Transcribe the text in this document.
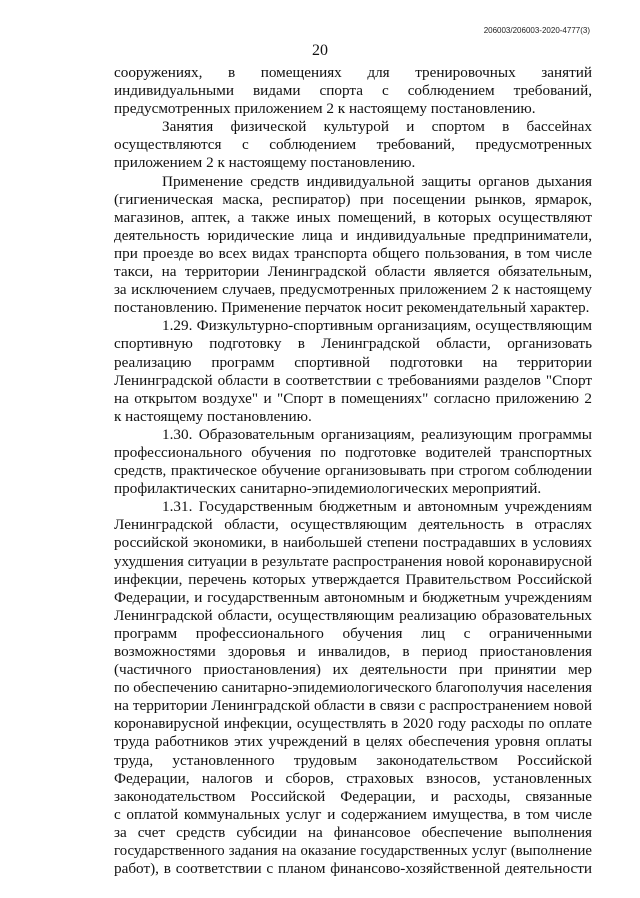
206003/206003-2020-4777(3)
20
сооружениях, в помещениях для тренировочных занятий
индивидуальными видами спорта с соблюдением требований,
предусмотренных приложением 2 к настоящему постановлению.
Занятия физической культурой и спортом в бассейнах
осуществляются с соблюдением требований, предусмотренных
приложением 2 к настоящему постановлению.
Применение средств индивидуальной защиты органов дыхания
(гигиеническая маска, респиратор) при посещении рынков, ярмарок,
магазинов, аптек, а также иных помещений, в которых осуществляют
деятельность юридические лица и индивидуальные предприниматели,
при проезде во всех видах транспорта общего пользования, в том числе
такси, на территории Ленинградской области является обязательным,
за исключением случаев, предусмотренных приложением 2 к настоящему
постановлению. Применение перчаток носит рекомендательный характер.
1.29. Физкультурно-спортивным организациям, осуществляющим
спортивную подготовку в Ленинградской области, организовать
реализацию программ спортивной подготовки на территории
Ленинградской области в соответствии с требованиями разделов "Спорт
на открытом воздухе" и "Спорт в помещениях" согласно приложению 2
к настоящему постановлению.
1.30. Образовательным организациям, реализующим программы
профессионального обучения по подготовке водителей транспортных
средств, практическое обучение организовывать при строгом соблюдении
профилактических санитарно-эпидемиологических мероприятий.
1.31. Государственным бюджетным и автономным учреждениям
Ленинградской области, осуществляющим деятельность в отраслях
российской экономики, в наибольшей степени пострадавших в условиях
ухудшения ситуации в результате распространения новой коронавирусной
инфекции, перечень которых утверждается Правительством Российской
Федерации, и государственным автономным и бюджетным учреждениям
Ленинградской области, осуществляющим реализацию образовательных
программ профессионального обучения лиц с ограниченными
возможностями здоровья и инвалидов, в период приостановления
(частичного приостановления) их деятельности при принятии мер
по обеспечению санитарно-эпидемиологического благополучия населения
на территории Ленинградской области в связи с распространением новой
коронавирусной инфекции, осуществлять в 2020 году расходы по оплате
труда работников этих учреждений в целях обеспечения уровня оплаты
труда, установленного трудовым законодательством Российской
Федерации, налогов и сборов, страховых взносов, установленных
законодательством Российской Федерации, и расходы, связанные
с оплатой коммунальных услуг и содержанием имущества, в том числе
за счет средств субсидии на финансовое обеспечение выполнения
государственного задания на оказание государственных услуг (выполнение
работ), в соответствии с планом финансово-хозяйственной деятельности
